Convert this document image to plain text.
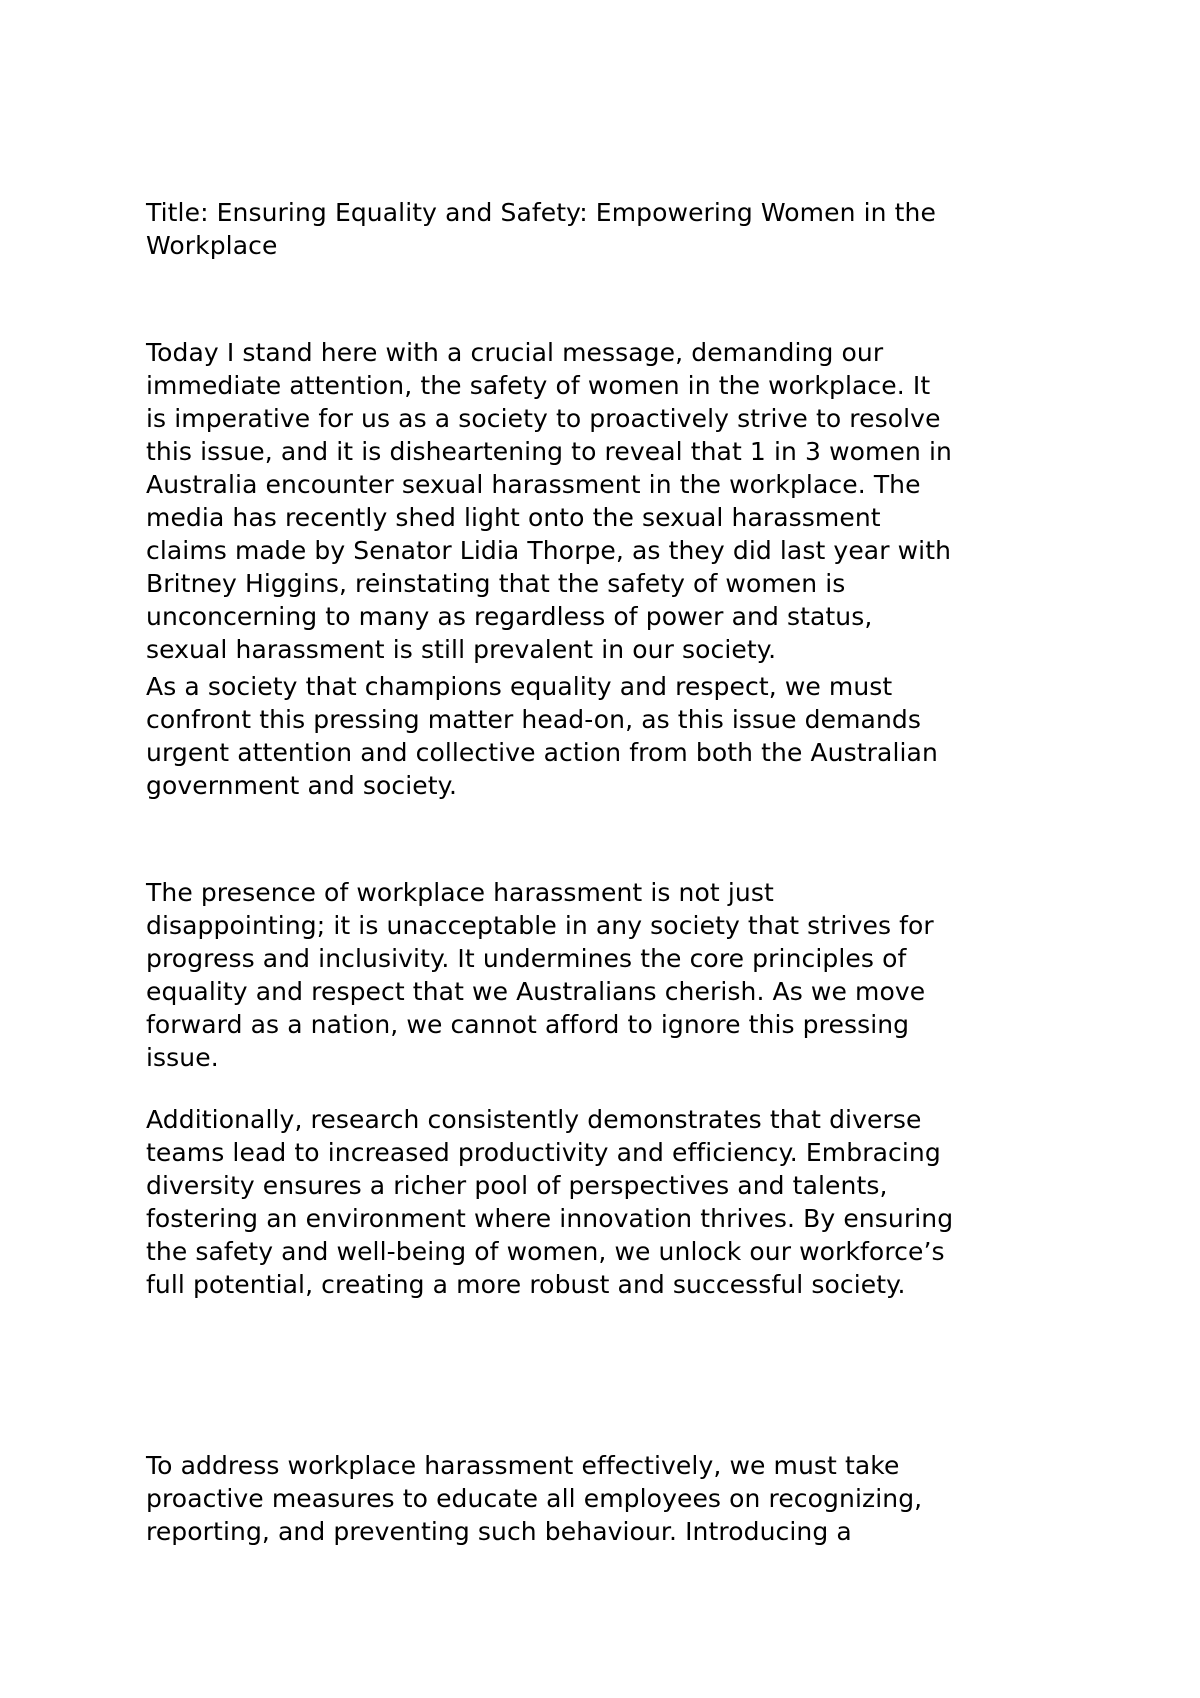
Title: Ensuring Equality and Safety: Empowering Women in the
Workplace
Today I stand here with a crucial message, demanding our
immediate attention, the safety of women in the workplace. It
is imperative for us as a society to proactively strive to resolve
this issue, and it is disheartening to reveal that 1 in 3 women in
Australia encounter sexual harassment in the workplace. The
media has recently shed light onto the sexual harassment
claims made by Senator Lidia Thorpe, as they did last year with
Britney Higgins, reinstating that the safety of women is
unconcerning to many as regardless of power and status,
sexual harassment is still prevalent in our society.
As a society that champions equality and respect, we must
confront this pressing matter head-on, as this issue demands
urgent attention and collective action from both the Australian
government and society.
The presence of workplace harassment is not just
disappointing; it is unacceptable in any society that strives for
progress and inclusivity. It undermines the core principles of
equality and respect that we Australians cherish. As we move
forward as a nation, we cannot afford to ignore this pressing
issue.
Additionally, research consistently demonstrates that diverse
teams lead to increased productivity and efficiency. Embracing
diversity ensures a richer pool of perspectives and talents,
fostering an environment where innovation thrives. By ensuring
the safety and well-being of women, we unlock our workforce’s
full potential, creating a more robust and successful society.
To address workplace harassment effectively, we must take
proactive measures to educate all employees on recognizing,
reporting, and preventing such behaviour. Introducing a
